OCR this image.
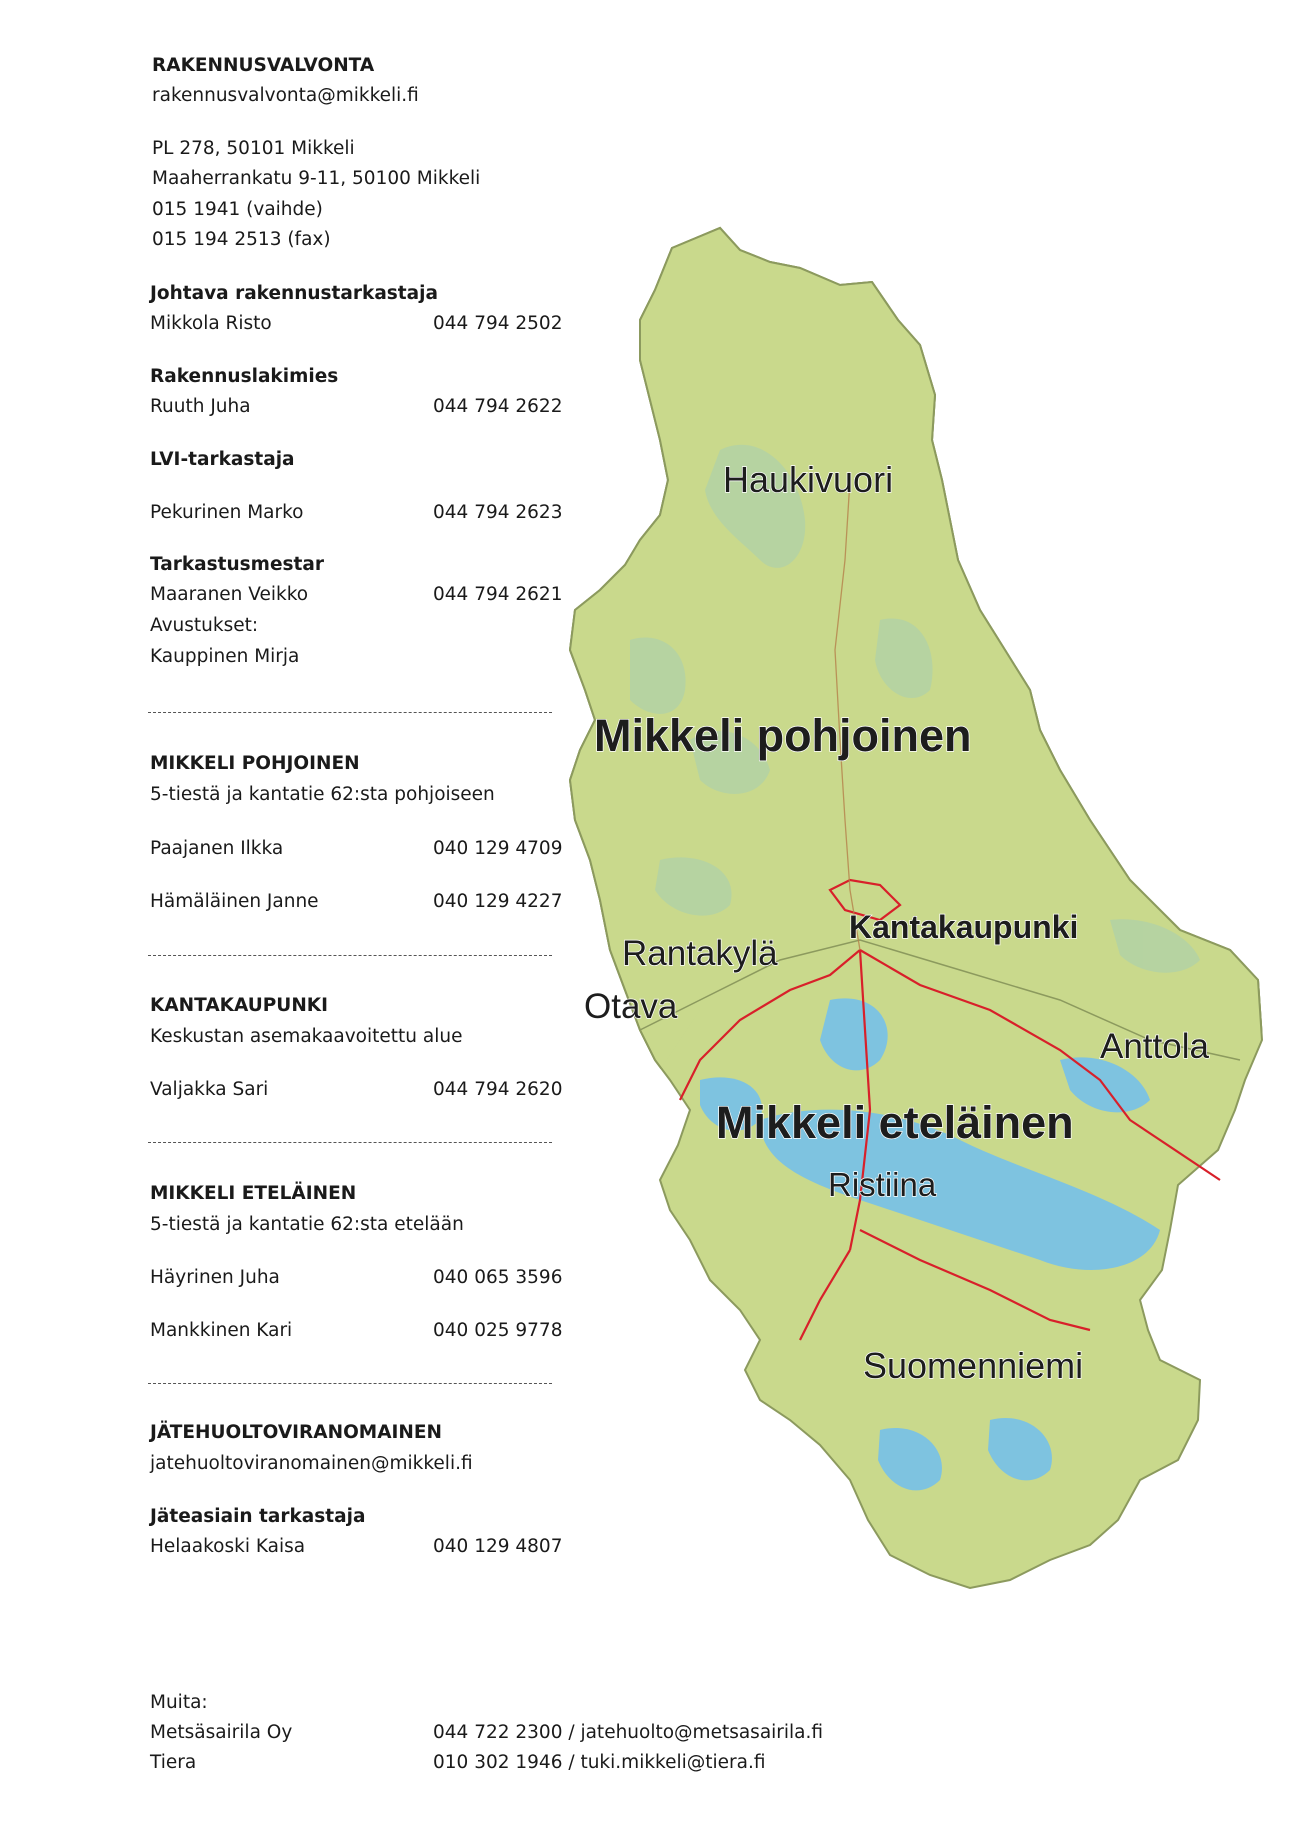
RAKENNUSVALVONTA
rakennusvalvonta@mikkeli.fi
PL 278, 50101 Mikkeli
Maaherrankatu 9-11, 50100 Mikkeli
015 1941 (vaihde)
015 194 2513 (fax)
Johtava rakennustarkastaja
Mikkola Risto	044 794 2502
Rakennuslakimies
Ruuth Juha	044 794 2622
LVI-tarkastaja
Pekurinen Marko	044 794 2623
Tarkastusmestar
Maaranen Veikko	044 794 2621
Avustukset:
Kauppinen Mirja
MIKKELI POHJOINEN
5-tiestä ja kantatie 62:sta pohjoiseen
Paajanen Ilkka	040 129 4709
Hämäläinen Janne	040 129 4227
KANTAKAUPUNKI
Keskustan asemakaavoitettu alue
Valjakka Sari	044 794 2620
MIKKELI ETELÄINEN
5-tiestä ja kantatie 62:sta etelään
Häyrinen Juha	040 065 3596
Mankkinen Kari	040 025 9778
JÄTEHUOLTOVIRANOMAINEN
jatehuoltoviranomainen@mikkeli.fi
Jäteasiain tarkastaja
Helaakoski Kaisa	040 129 4807
Muita:
Metsäsairila Oy	044 722 2300 / jatehuolto@metsasairila.fi
Tiera	010 302 1946 / tuki.mikkeli@tiera.fi
Haukivuori
Mikkeli pohjoinen
Kantakaupunki
Rantakylä
Otava
Anttola
Mikkeli eteläinen
Ristiina
Suomenniemi
